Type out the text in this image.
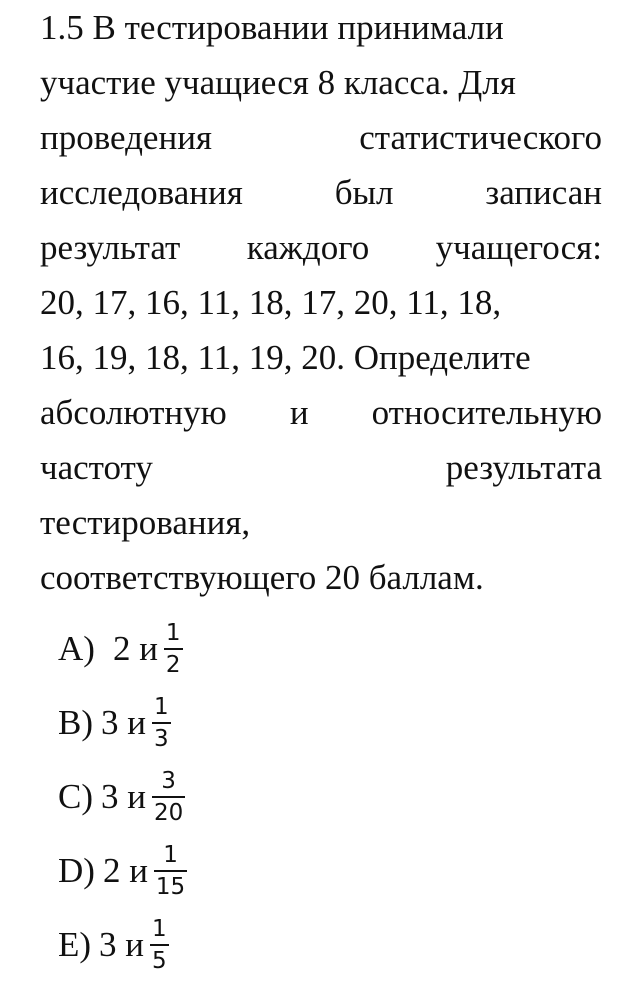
1.5 В тестировании принимали
участие учащиеся 8 класса. Для
проведения	статистического
исследования	был	записан
результат каждого учащегося:
20, 17, 16, 11, 18, 17, 20, 11, 18,
16, 19, 18, 11, 19, 20. Определите
абсолютную и относительную
частоту	результата
тестирования,
соответствующего 20 баллам.
A) 2 и $\frac{1}{2}$
B) 3 и $\frac{1}{3}$
C) 3 и $\frac{3}{20}$
D) 2 и $\frac{1}{15}$
E) 3 и $\frac{1}{5}$
